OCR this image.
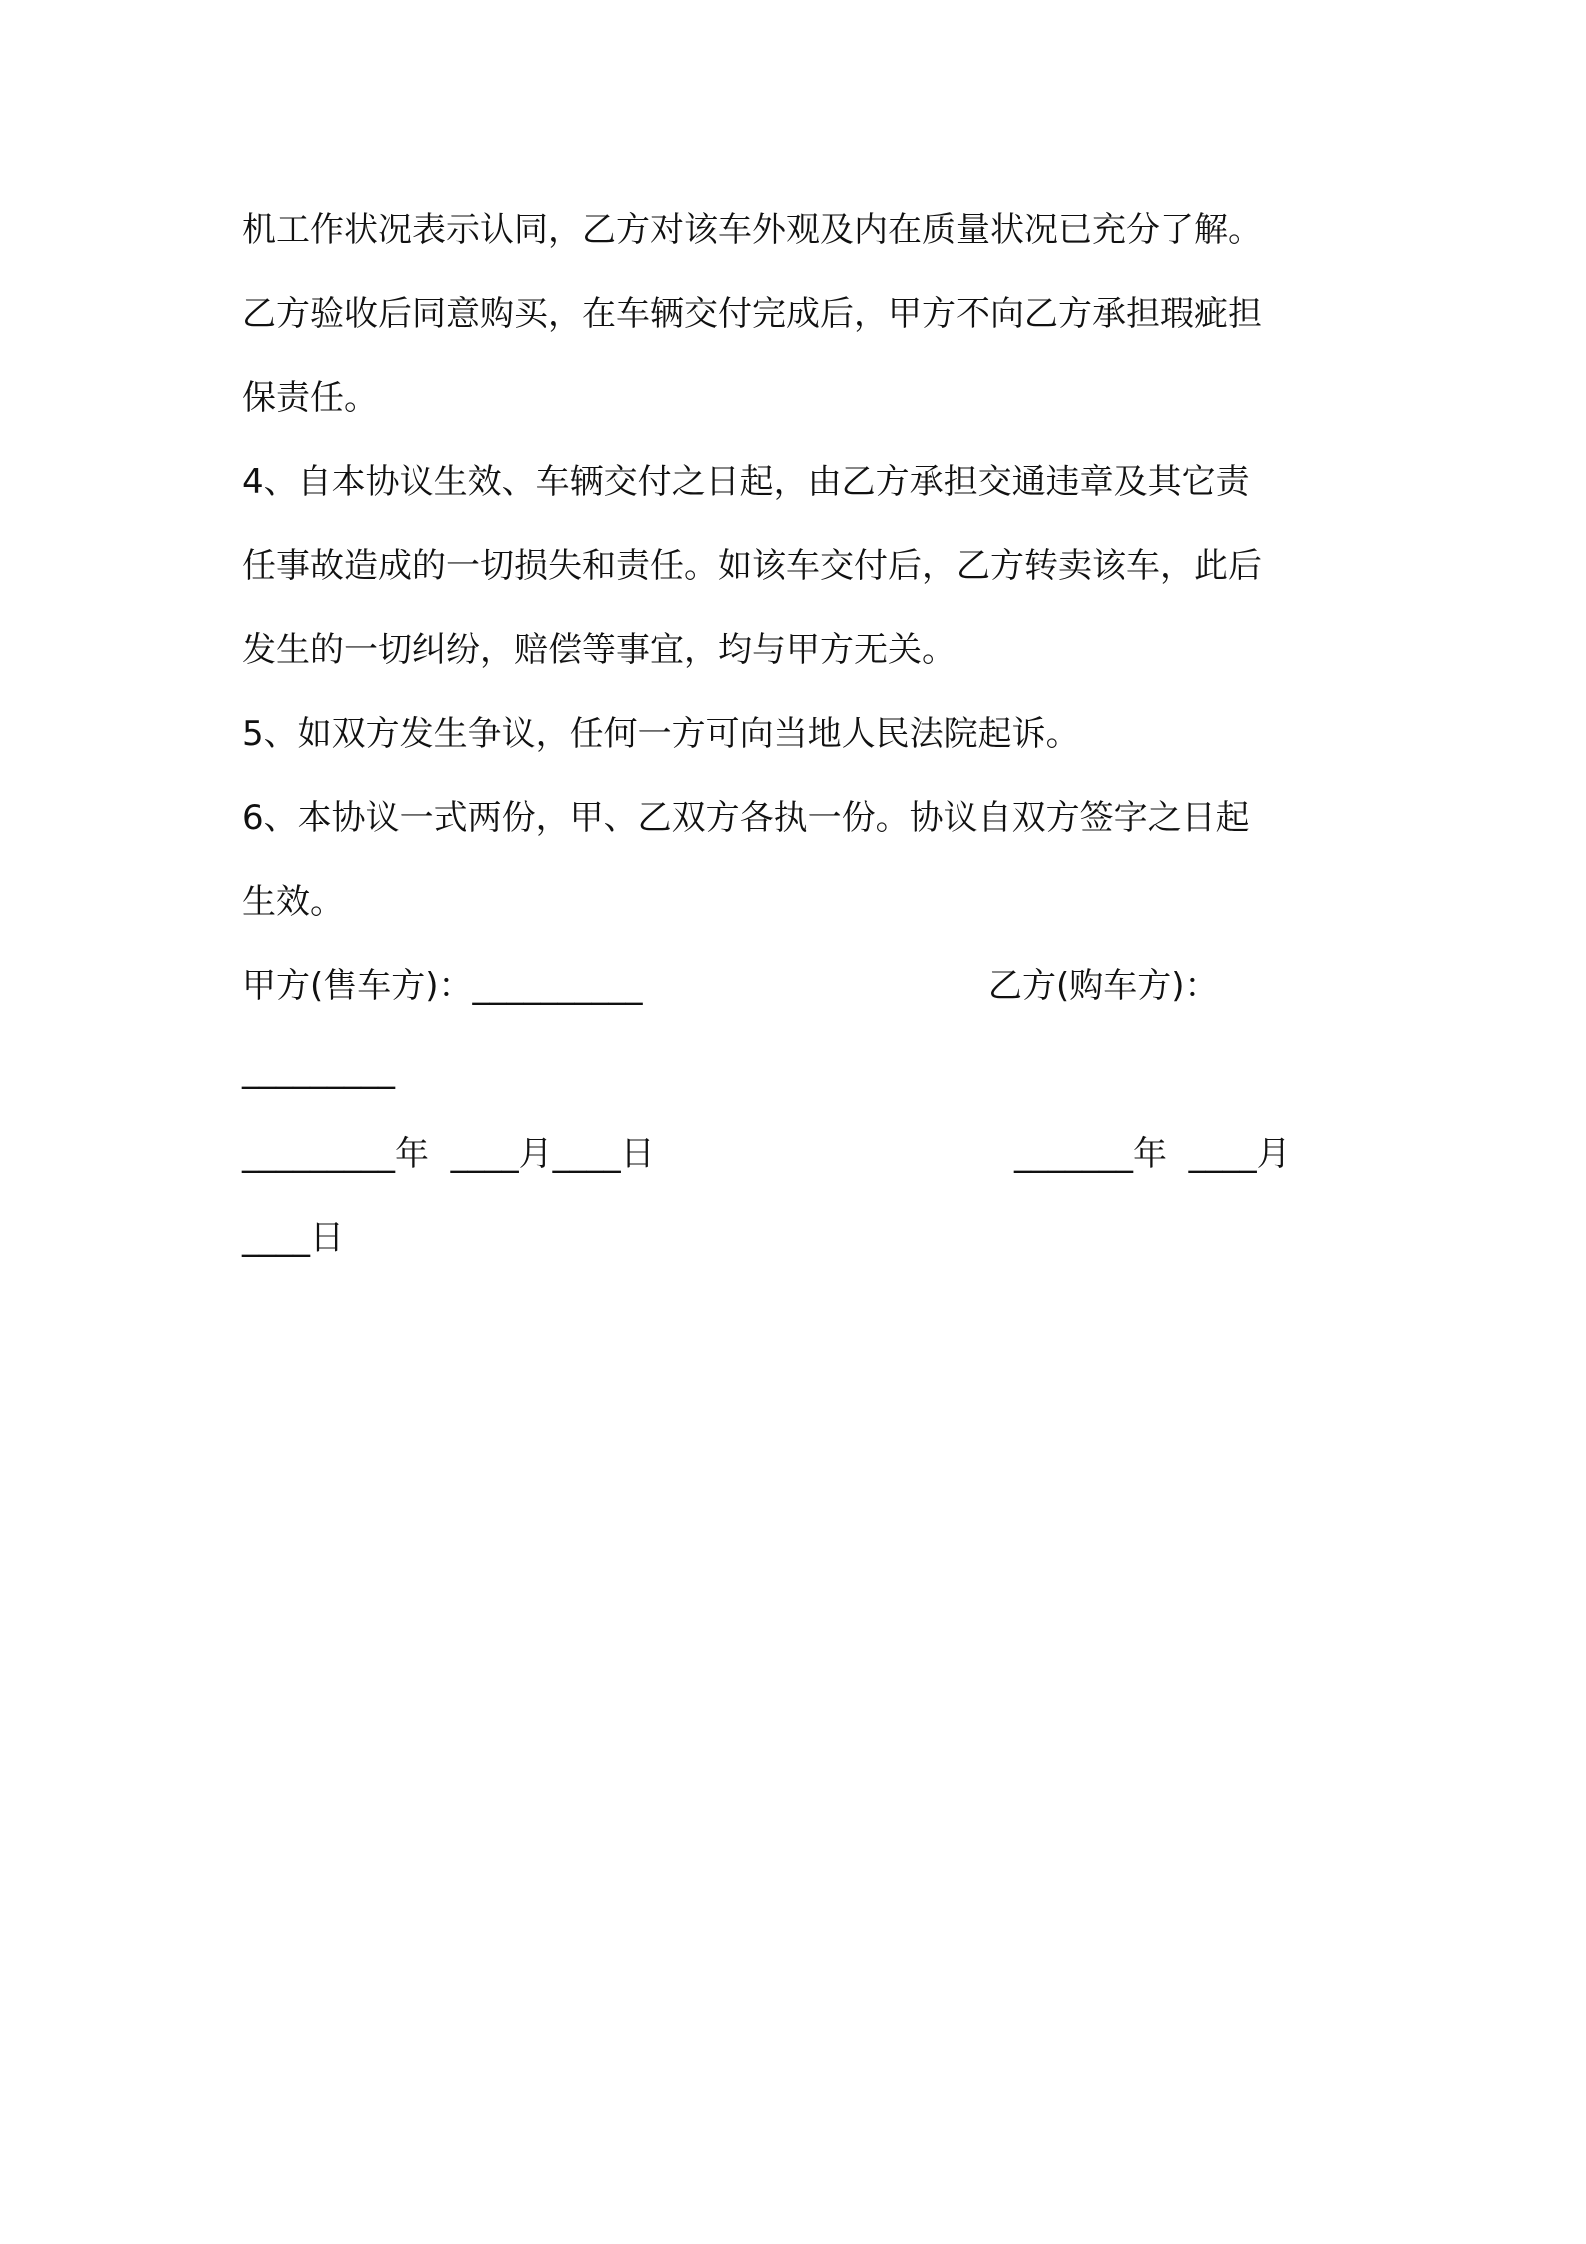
机工作状况表示认同，乙方对该车外观及内在质量状况已充分了解。
乙方验收后同意购买，在车辆交付完成后，甲方不向乙方承担瑕疵担
保责任。
4、自本协议生效、车辆交付之日起，由乙方承担交通违章及其它责
任事故造成的一切损失和责任。如该车交付后，乙方转卖该车，此后
发生的一切纠纷，赔偿等事宜，均与甲方无关。
5、如双方发生争议，任何一方可向当地人民法院起诉。
6、本协议一式两份，甲、乙双方各执一份。协议自双方签字之日起
生效。
甲方(售车方)：__________	乙方(购车方)：
_________
_________年  ____月____日	_______年  ____月
____日
